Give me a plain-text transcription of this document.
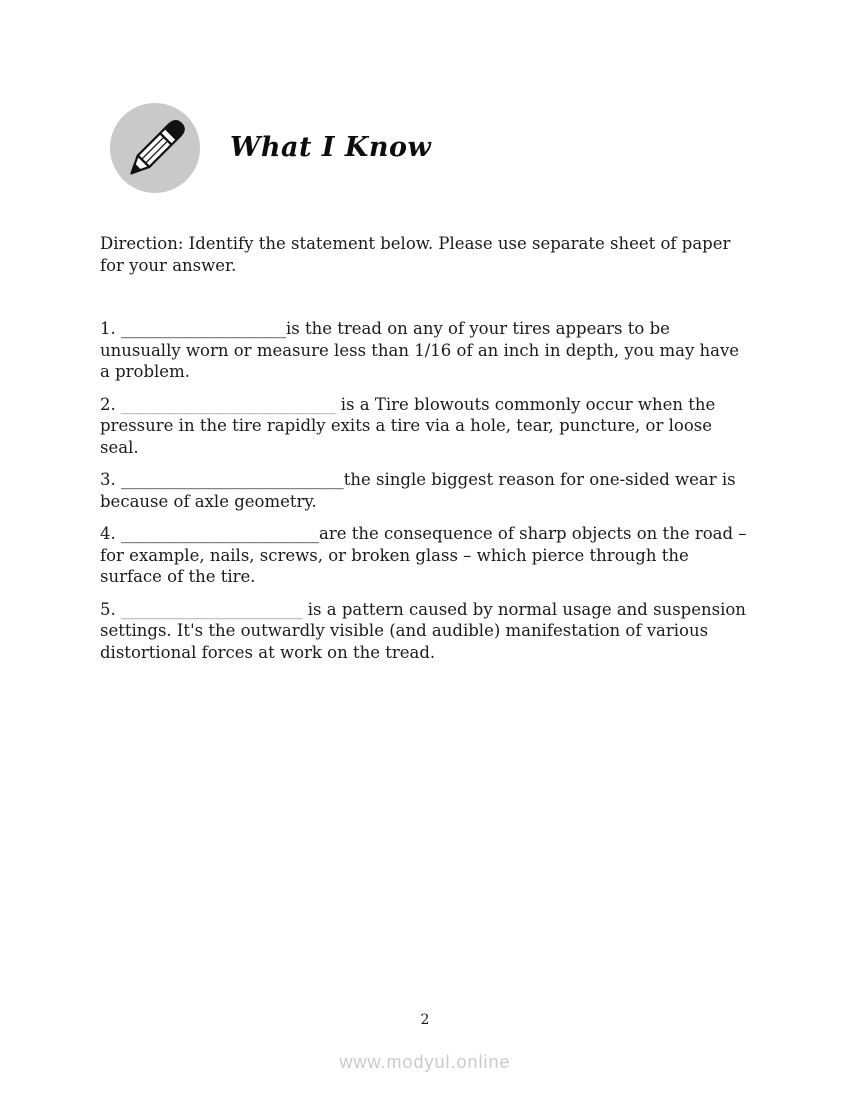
What I Know

Direction: Identify the statement below. Please use separate sheet of paper for your answer.

1. ____________________is the tread on any of your tires appears to be unusually worn or measure less than 1/16 of an inch in depth, you may have a problem.

2. __________________________ is a Tire blowouts commonly occur when the pressure in the tire rapidly exits a tire via a hole, tear, puncture, or loose seal.

3. ___________________________the single biggest reason for one-sided wear is because of axle geometry.

4. ________________________are the consequence of sharp objects on the road – for example, nails, screws, or broken glass – which pierce through the surface of the tire.

5. ______________________ is a pattern caused by normal usage and suspension settings. It's the outwardly visible (and audible) manifestation of various distortional forces at work on the tread.

2
www.modyul.online
